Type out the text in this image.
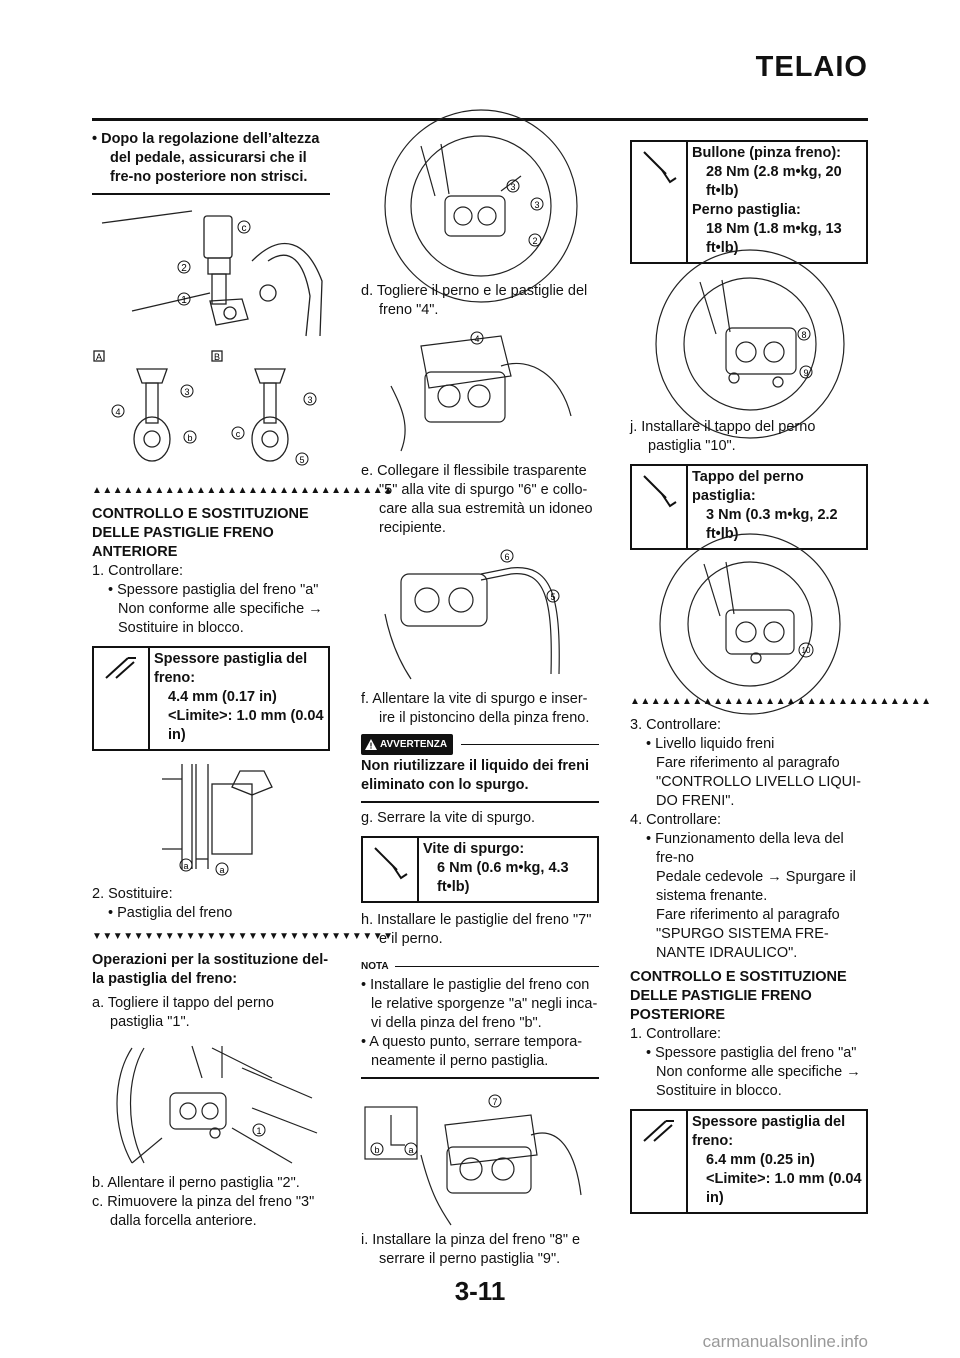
TELAIO
• Dopo la regolazione dell’altezza del pedale, assicurarsi che il fre-no posteriore non strisci.
c
2
1
A	B
3
4
b
3
c
5
▲▲▲▲▲▲▲▲▲▲▲▲▲▲▲▲▲▲▲▲▲▲▲▲▲▲▲▲▲
CONTROLLO E SOSTITUZIONE DELLE PASTIGLIE FRENO ANTERIORE
1. Controllare:
• Spessore pastiglia del freno "a"
Non conforme alle specifiche →
Sostituire in blocco.
Spessore pastiglia del freno:
4.4 mm (0.17 in)
<Limite>: 1.0 mm (0.04 in)
a	a
2. Sostituire:
• Pastiglia del freno
▼▼▼▼▼▼▼▼▼▼▼▼▼▼▼▼▼▼▼▼▼▼▼▼▼▼▼▼▼
Operazioni per la sostituzione del-la pastiglia del freno:
a. Togliere il tappo del perno pastiglia "1".
1
b. Allentare il perno pastiglia "2".
c. Rimuovere la pinza del freno "3" dalla forcella anteriore.
3
3
2
d. Togliere il perno e le pastiglie del freno "4".
4
e. Collegare il flessibile trasparente "5" alla vite di spurgo "6" e collo-care alla sua estremità un idoneo recipiente.
6
5
f. Allentare la vite di spurgo e inser-ire il pistoncino della pinza freno.
AVVERTENZA
Non riutilizzare il liquido dei freni eliminato con lo spurgo.
g. Serrare la vite di spurgo.
Vite di spurgo:
6 Nm (0.6 m•kg, 4.3 ft•lb)
h. Installare le pastiglie del freno "7" e il perno.
NOTA
• Installare le pastiglie del freno con le relative sporgenze "a" negli inca-vi della pinza del freno "b".
• A questo punto, serrare tempora-neamente il perno pastiglia.
7
b	a
i. Installare la pinza del freno "8" e serrare il perno pastiglia "9".
Bullone (pinza freno):
28 Nm (2.8 m•kg, 20 ft•lb)
Perno pastiglia:
18 Nm (1.8 m•kg, 13 ft•lb)
8
9
j. Installare il tappo del perno pastiglia "10".
Tappo del perno pastiglia:
3 Nm (0.3 m•kg, 2.2 ft•lb)
10
▲▲▲▲▲▲▲▲▲▲▲▲▲▲▲▲▲▲▲▲▲▲▲▲▲▲▲▲▲
3. Controllare:
• Livello liquido freni
Fare riferimento al paragrafo "CONTROLLO LIVELLO LIQUI-DO FRENI".
4. Controllare:
• Funzionamento della leva del fre-no
Pedale cedevole → Spurgare il sistema frenante.
Fare riferimento al paragrafo "SPURGO SISTEMA FRE-NANTE IDRAULICO".
CONTROLLO E SOSTITUZIONE DELLE PASTIGLIE FRENO POSTERIORE
1. Controllare:
• Spessore pastiglia del freno "a"
Non conforme alle specifiche →
Sostituire in blocco.
Spessore pastiglia del freno:
6.4 mm (0.25 in)
<Limite>: 1.0 mm (0.04 in)
3-11
carmanualsonline.info
